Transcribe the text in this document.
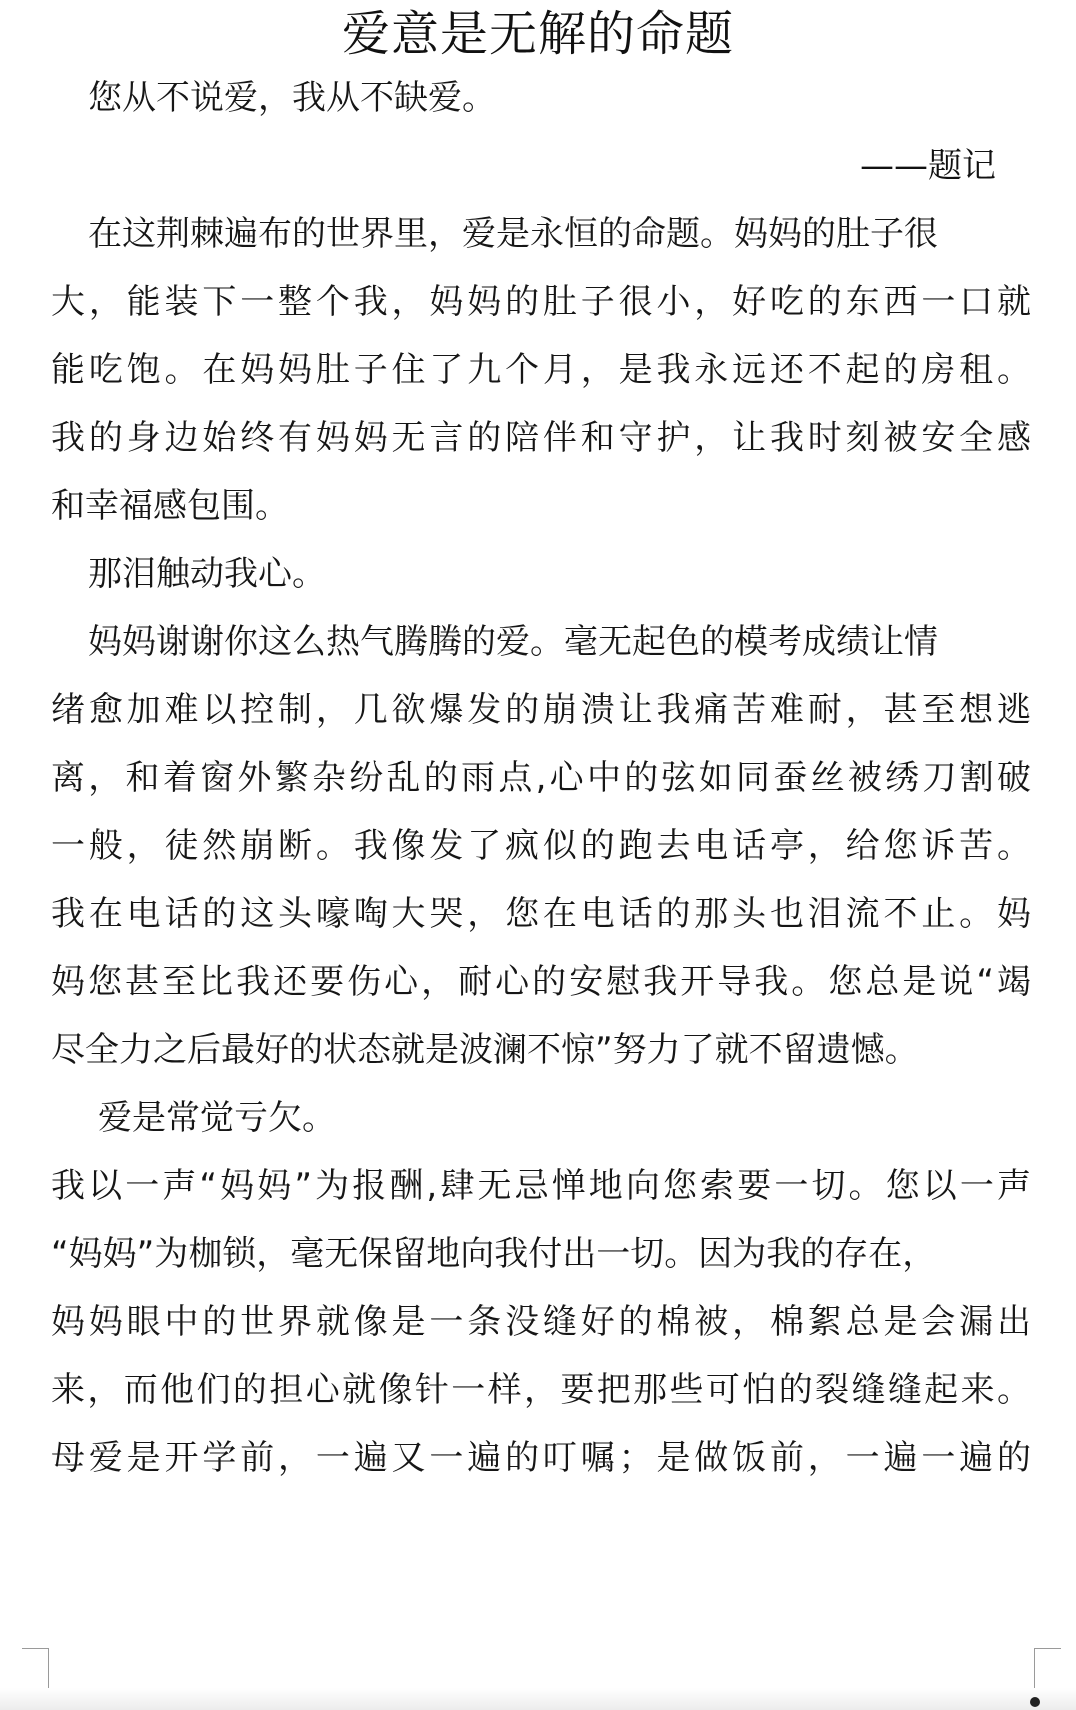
爱意是无解的命题
您从不说爱，我从不缺爱。
——题记
在这荆棘遍布的世界里，爱是永恒的命题。妈妈的肚子很
大，能装下一整个我，妈妈的肚子很小，好吃的东西一口就
能吃饱。在妈妈肚子住了九个月，是我永远还不起的房租。
我的身边始终有妈妈无言的陪伴和守护，让我时刻被安全感
和幸福感包围。
那泪触动我心。
妈妈谢谢你这么热气腾腾的爱。毫无起色的模考成绩让情
绪愈加难以控制，几欲爆发的崩溃让我痛苦难耐，甚至想逃
离，和着窗外繁杂纷乱的雨点,心中的弦如同蚕丝被绣刀割破
一般，徒然崩断。我像发了疯似的跑去电话亭，给您诉苦。
我在电话的这头嚎啕大哭，您在电话的那头也泪流不止。妈
妈您甚至比我还要伤心，耐心的安慰我开导我。您总是说“竭
尽全力之后最好的状态就是波澜不惊”努力了就不留遗憾。
爱是常觉亏欠。
我以一声“妈妈”为报酬,肆无忌惮地向您索要一切。您以一声
“妈妈”为枷锁，毫无保留地向我付出一切。因为我的存在，
妈妈眼中的世界就像是一条没缝好的棉被，棉絮总是会漏出
来，而他们的担心就像针一样，要把那些可怕的裂缝缝起来。
母爱是开学前，一遍又一遍的叮嘱；是做饭前，一遍一遍的
